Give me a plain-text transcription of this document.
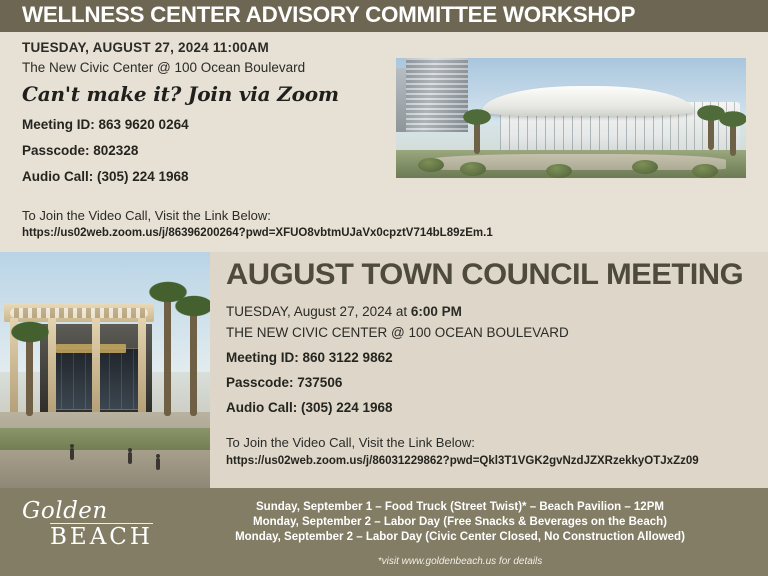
WELLNESS CENTER ADVISORY COMMITTEE WORKSHOP
TUESDAY, AUGUST 27, 2024 11:00AM
The New Civic Center @ 100 Ocean Boulevard
Can't make it? Join via Zoom
Meeting ID: 863 9620 0264
Passcode: 802328
Audio Call: (305) 224 1968
To Join the Video Call, Visit the Link Below:
https://us02web.zoom.us/j/86396200264?pwd=XFUO8vbtmUJaVx0cpztV714bL89zEm.1
AUGUST TOWN COUNCIL MEETING
TUESDAY, August 27, 2024 at 6:00 PM
THE NEW CIVIC CENTER @ 100 OCEAN BOULEVARD
Meeting ID: 860 3122 9862
Passcode: 737506
Audio Call: (305) 224 1968
To Join the Video Call, Visit the Link Below:
https://us02web.zoom.us/j/86031229862?pwd=Qkl3T1VGK2gvNzdJZXRzekkyOTJxZz09
Golden
BEACH
Sunday, September 1 – Food Truck (Street Twist)* – Beach Pavilion – 12PM
Monday, September 2 – Labor Day (Free Snacks & Beverages on the Beach)
Monday, September 2 – Labor Day (Civic Center Closed, No Construction Allowed)
*visit www.goldenbeach.us for details
